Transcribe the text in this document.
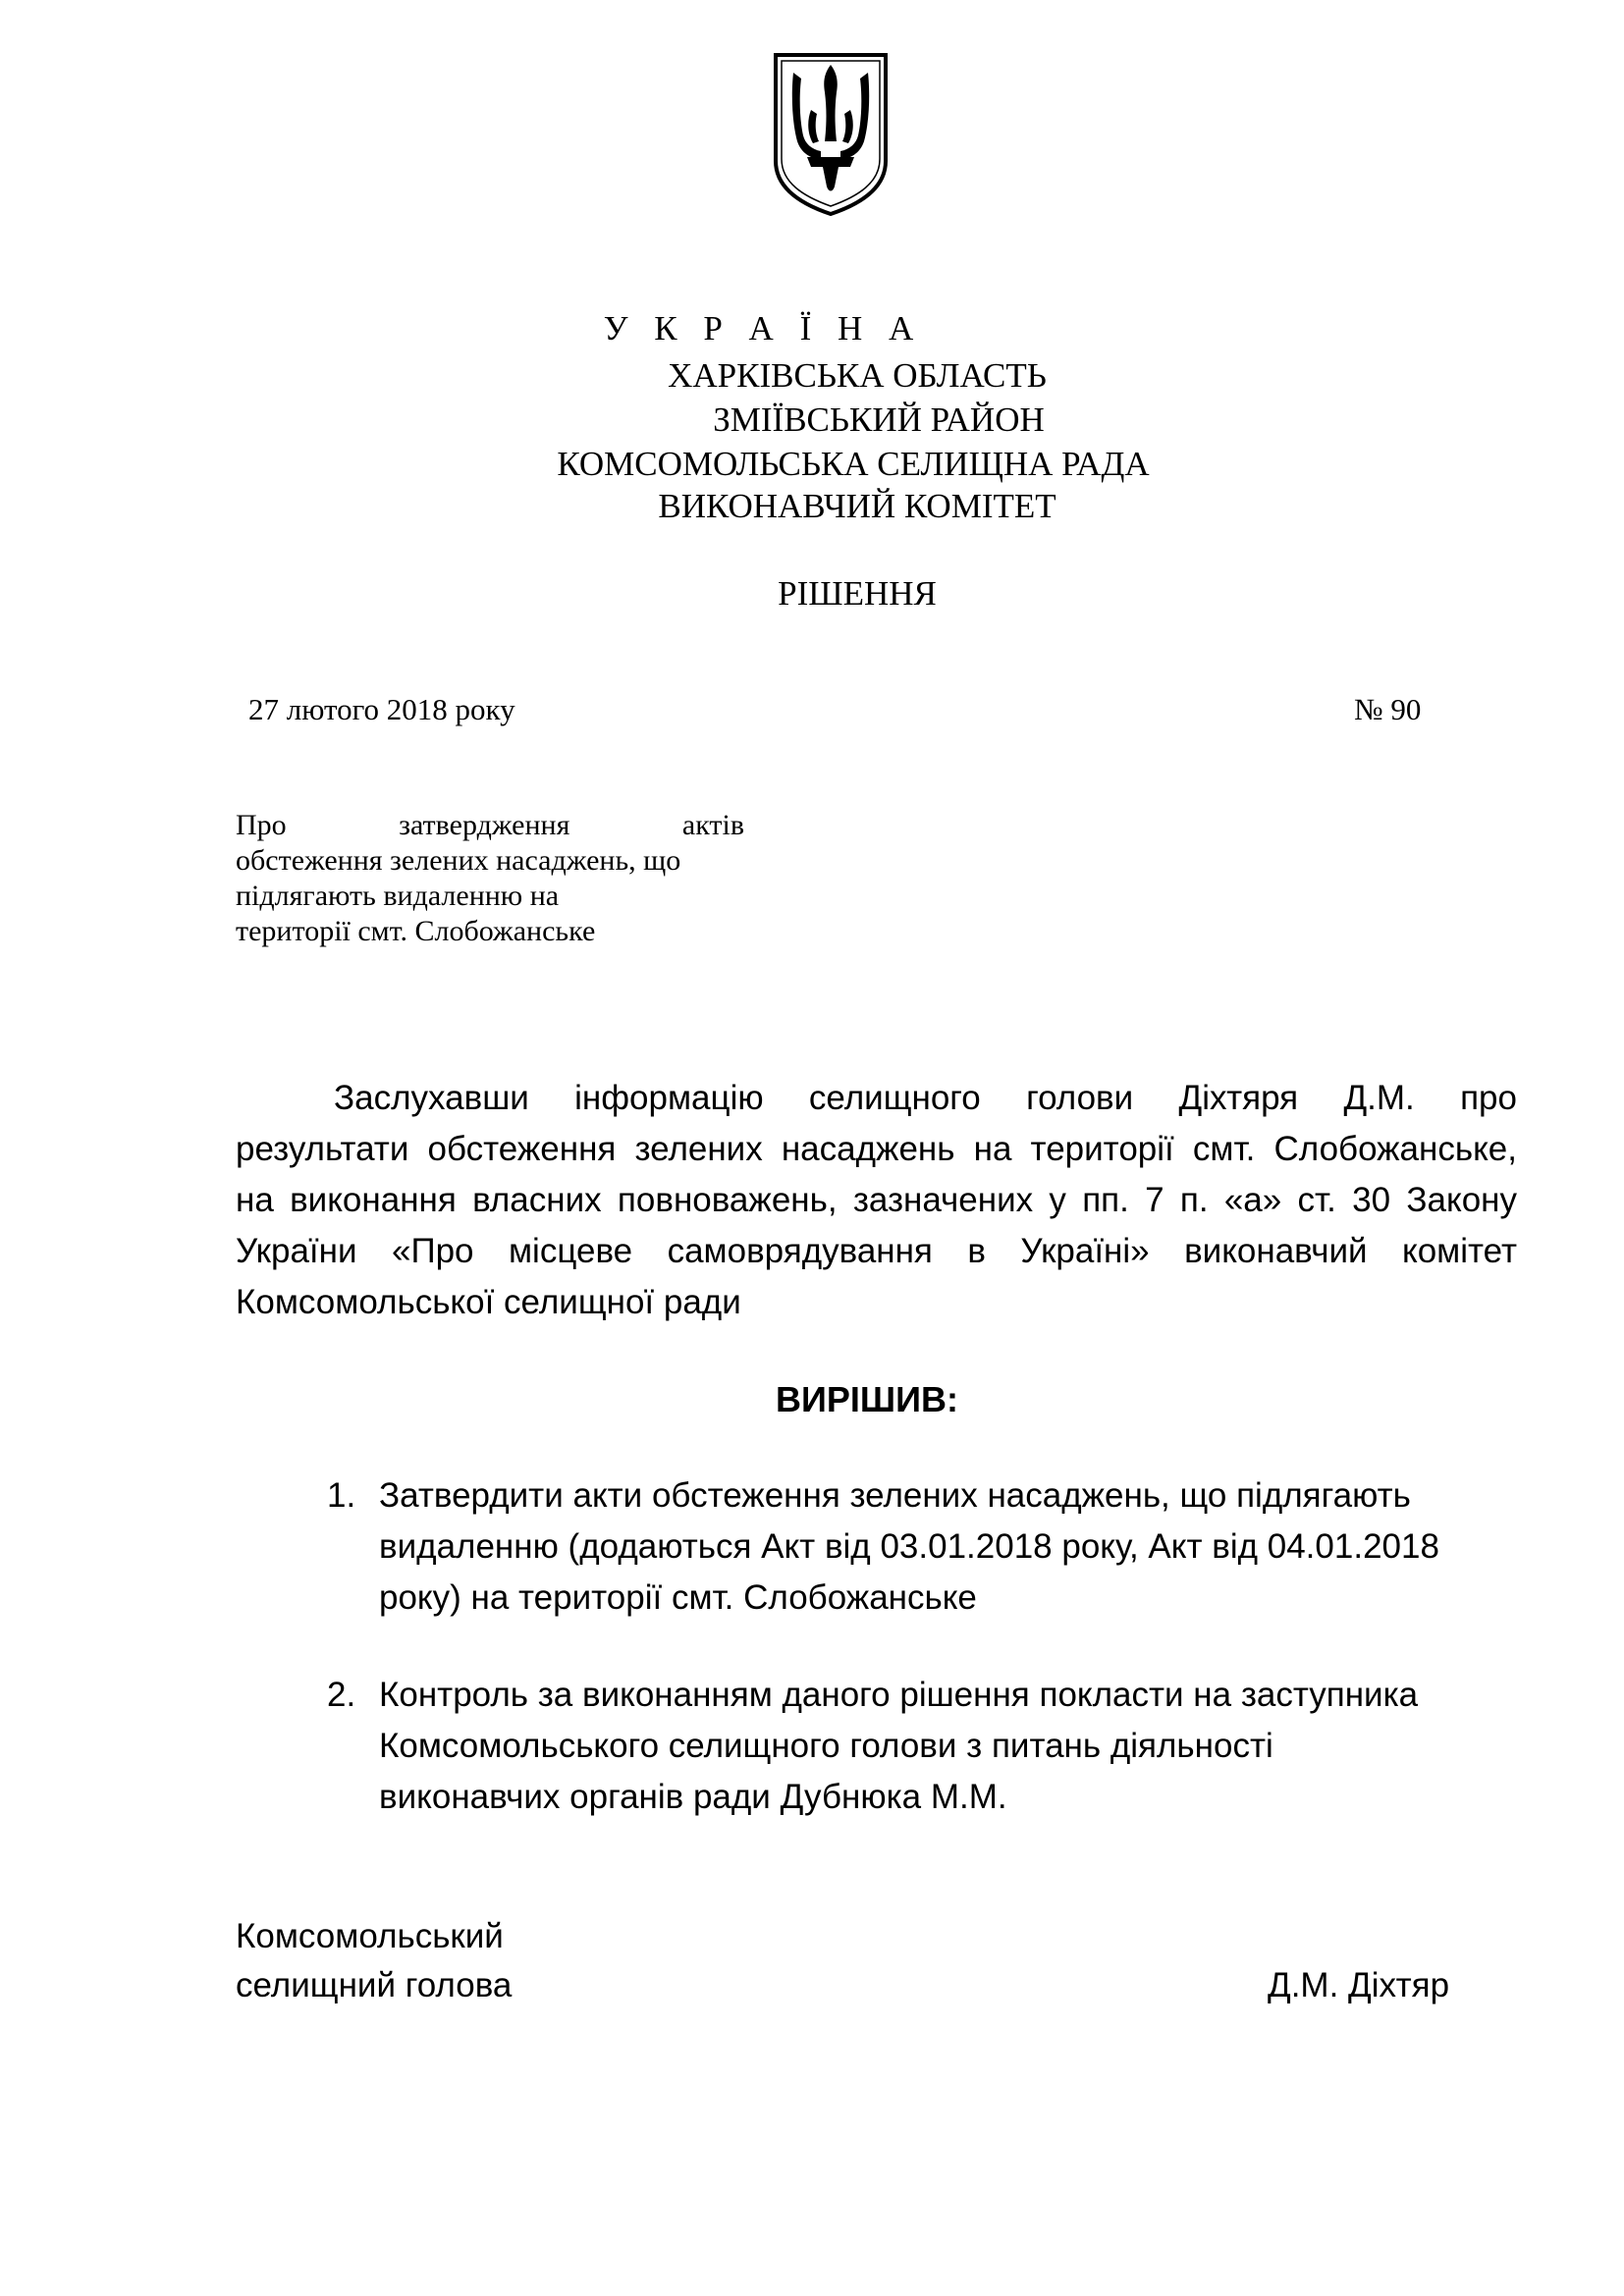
У К Р А Ї Н А
ХАРКІВСЬКА ОБЛАСТЬ
ЗМІЇВСЬКИЙ РАЙОН
КОМСОМОЛЬСЬКА СЕЛИЩНА РАДА
ВИКОНАВЧИЙ КОМІТЕТ
РІШЕННЯ
27 лютого 2018 року	№ 90
Про затвердження актів
обстеження зелених насаджень, що
підлягають видаленню на
території смт. Слобожанське
Заслухавши інформацію селищного голови Діхтяря Д.М. про
результати обстеження зелених насаджень на території смт. Слобожанське,
на виконання власних повноважень, зазначених у пп. 7 п. «а» ст. 30 Закону
України «Про місцеве самоврядування в Україні» виконавчий комітет
Комсомольської селищної ради
ВИРІШИВ:
1. Затвердити акти обстеження зелених насаджень, що підлягають
видаленню (додаються Акт від 03.01.2018 року, Акт від 04.01.2018
року) на території смт. Слобожанське
2. Контроль за виконанням даного рішення покласти на заступника
Комсомольського селищного голови з питань діяльності
виконавчих органів ради Дубнюка М.М.
Комсомольський
селищний голова	Д.М. Діхтяр
